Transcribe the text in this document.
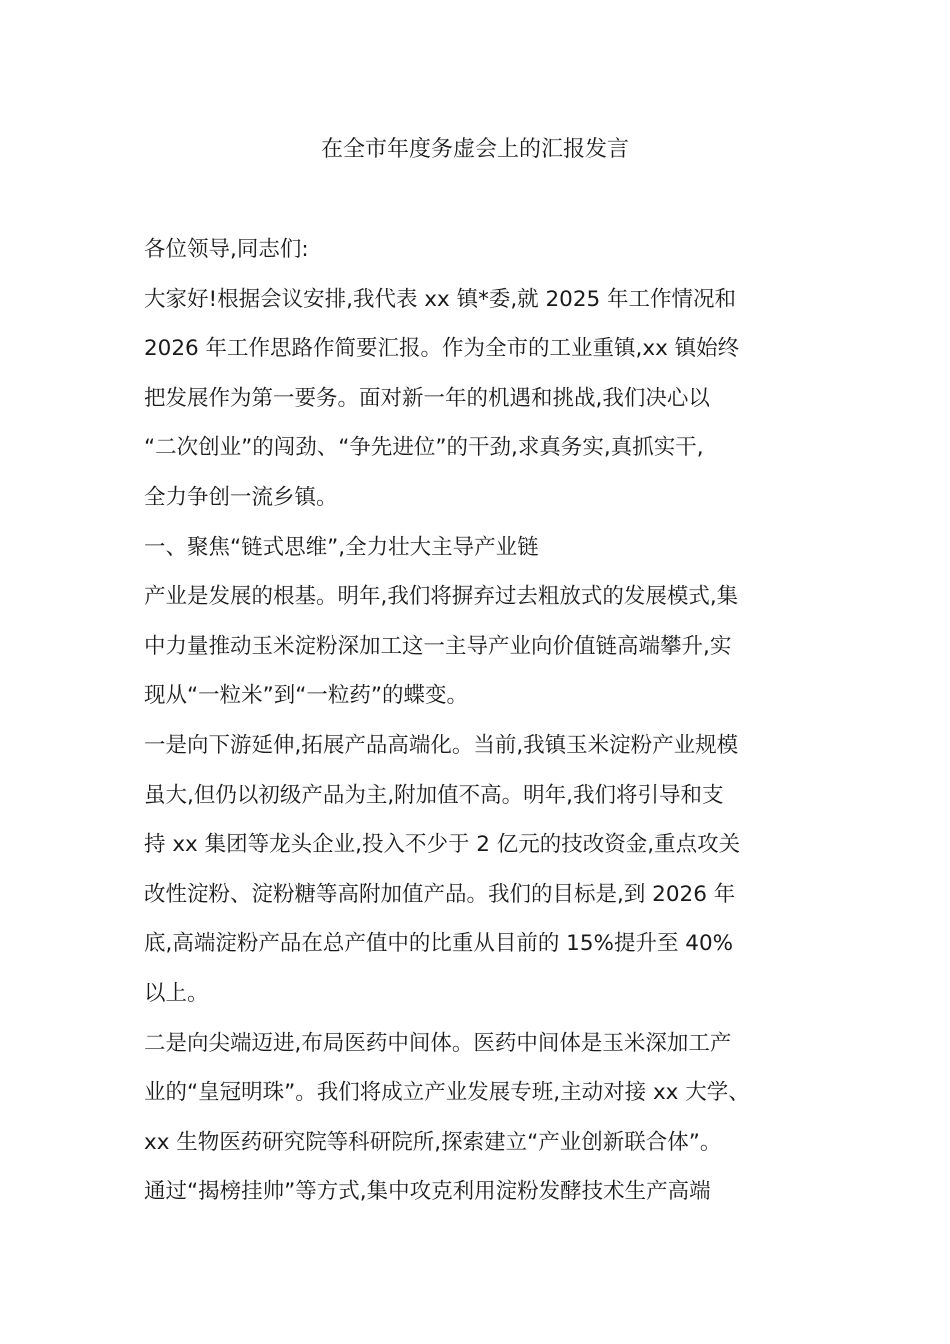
在全市年度务虚会上的汇报发言
各位领导,同志们:
大家好!根据会议安排,我代表 xx 镇*委,就 2025 年工作情况和
2026 年工作思路作简要汇报。作为全市的工业重镇,xx 镇始终
把发展作为第一要务。面对新一年的机遇和挑战,我们决心以
“二次创业”的闯劲、“争先进位”的干劲,求真务实,真抓实干,
全力争创一流乡镇。
一、聚焦“链式思维”,全力壮大主导产业链
产业是发展的根基。明年,我们将摒弃过去粗放式的发展模式,集
中力量推动玉米淀粉深加工这一主导产业向价值链高端攀升,实
现从“一粒米”到“一粒药”的蝶变。
一是向下游延伸,拓展产品高端化。当前,我镇玉米淀粉产业规模
虽大,但仍以初级产品为主,附加值不高。明年,我们将引导和支
持 xx 集团等龙头企业,投入不少于 2 亿元的技改资金,重点攻关
改性淀粉、淀粉糖等高附加值产品。我们的目标是,到 2026 年
底,高端淀粉产品在总产值中的比重从目前的 15%提升至 40%
以上。
二是向尖端迈进,布局医药中间体。医药中间体是玉米深加工产
业的“皇冠明珠”。我们将成立产业发展专班,主动对接 xx 大学、
xx 生物医药研究院等科研院所,探索建立“产业创新联合体”。
通过“揭榜挂帅”等方式,集中攻克利用淀粉发酵技术生产高端
